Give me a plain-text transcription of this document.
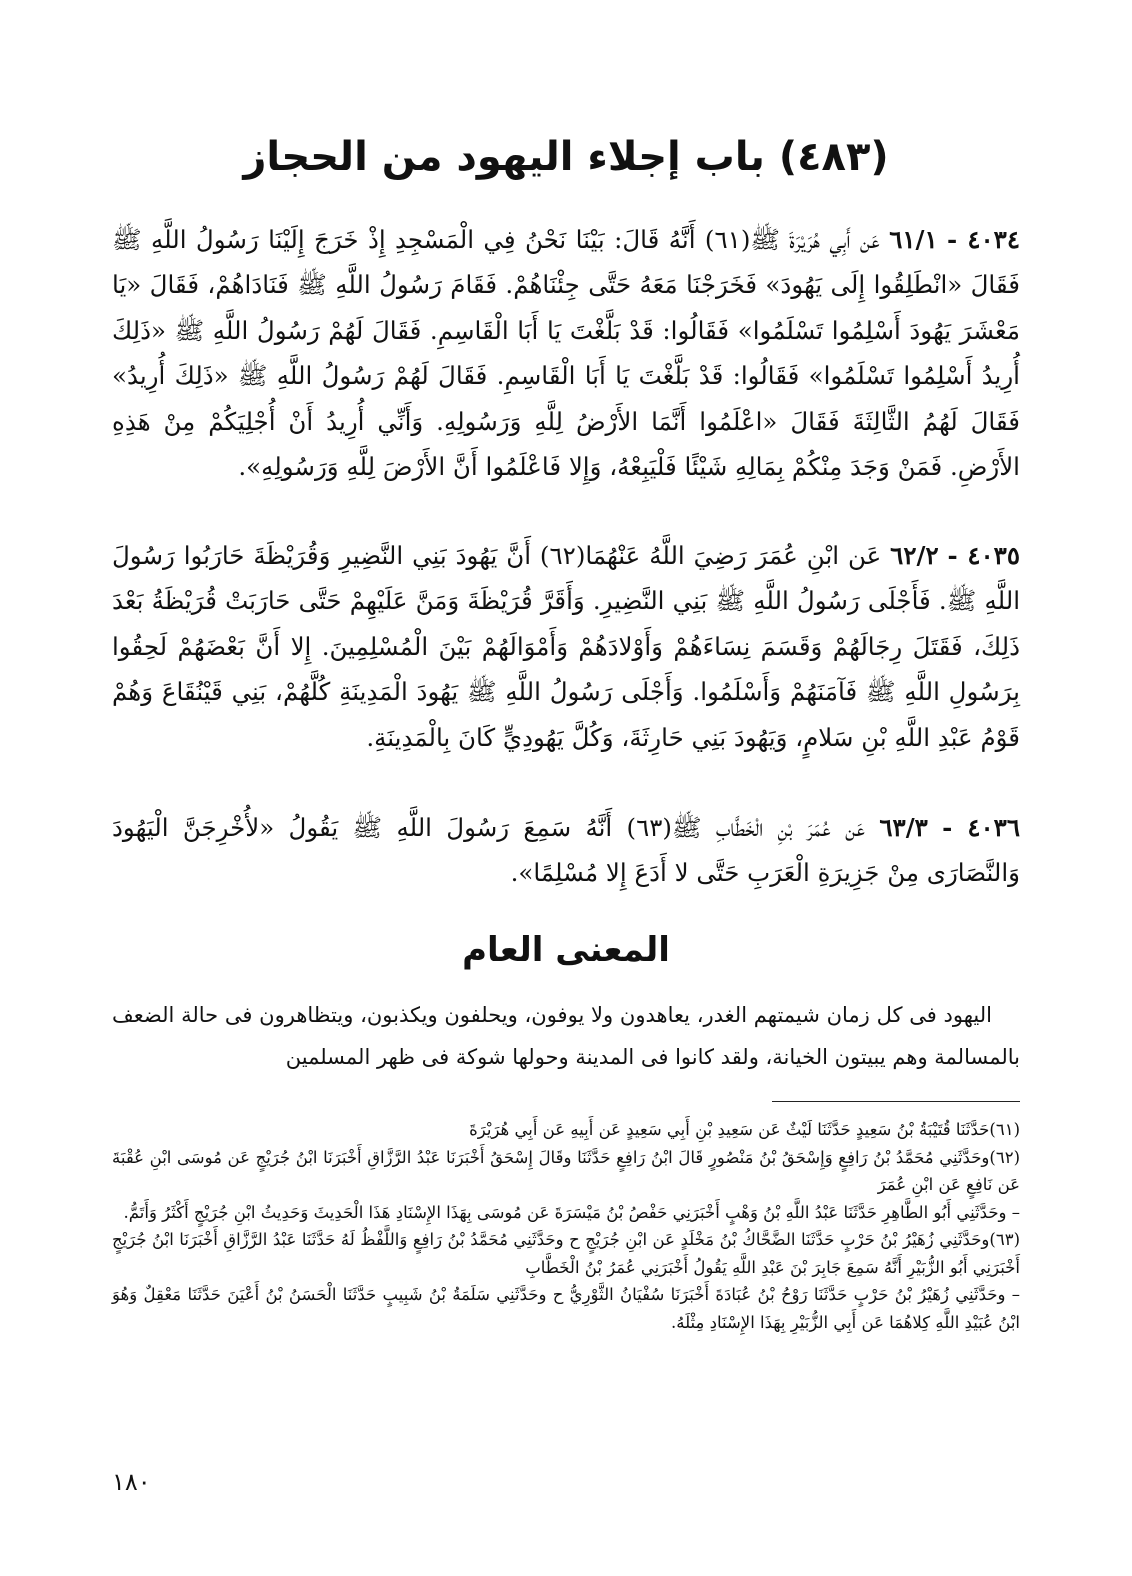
(٤٨٣) باب إجلاء اليهود من الحجاز

٤٠٣٤ - ٦١/١ عَن أَبِي هُرَيْرَةَ ﷺ(٦١) أَنَّهُ قَالَ: بَيْنَا نَحْنُ فِي الْمَسْجِدِ إِذْ خَرَجَ إِلَيْنَا رَسُولُ اللَّهِ ﷺ فَقَالَ «انْطَلِقُوا إِلَى يَهُودَ» فَخَرَجْنَا مَعَهُ حَتَّى جِئْنَاهُمْ. فَقَامَ رَسُولُ اللَّهِ ﷺ فَنَادَاهُمْ، فَقَالَ «يَا مَعْشَرَ يَهُودَ أَسْلِمُوا تَسْلَمُوا» فَقَالُوا: قَدْ بَلَّغْتَ يَا أَبَا الْقَاسِمِ. فَقَالَ لَهُمْ رَسُولُ اللَّهِ ﷺ «ذَلِكَ أُرِيدُ أَسْلِمُوا تَسْلَمُوا» فَقَالُوا: قَدْ بَلَّغْتَ يَا أَبَا الْقَاسِمِ. فَقَالَ لَهُمْ رَسُولُ اللَّهِ ﷺ «ذَلِكَ أُرِيدُ» فَقَالَ لَهُمُ الثَّالِثَةَ فَقَالَ «اعْلَمُوا أَنَّمَا الأَرْضُ لِلَّهِ وَرَسُولِهِ. وَأَنِّي أُرِيدُ أَنْ أُجْلِيَكُمْ مِنْ هَذِهِ الأَرْضِ. فَمَنْ وَجَدَ مِنْكُمْ بِمَالِهِ شَيْئًا فَلْيَبِعْهُ، وَإِلا فَاعْلَمُوا أَنَّ الأَرْضَ لِلَّهِ وَرَسُولِهِ».

٤٠٣٥ - ٦٢/٢ عَن ابْنِ عُمَرَ رَضِيَ اللَّهُ عَنْهُمَا(٦٢) أَنَّ يَهُودَ بَنِي النَّضِيرِ وَقُرَيْظَةَ حَارَبُوا رَسُولَ اللَّهِ ﷺ. فَأَجْلَى رَسُولُ اللَّهِ ﷺ بَنِي النَّضِيرِ. وَأَقَرَّ قُرَيْظَةَ وَمَنَّ عَلَيْهِمْ حَتَّى حَارَبَتْ قُرَيْظَةُ بَعْدَ ذَلِكَ، فَقَتَلَ رِجَالَهُمْ وَقَسَمَ نِسَاءَهُمْ وَأَوْلادَهُمْ وَأَمْوَالَهُمْ بَيْنَ الْمُسْلِمِينَ. إِلا أَنَّ بَعْضَهُمْ لَحِقُوا بِرَسُولِ اللَّهِ ﷺ فَآمَنَهُمْ وَأَسْلَمُوا. وَأَجْلَى رَسُولُ اللَّهِ ﷺ يَهُودَ الْمَدِينَةِ كُلَّهُمْ، بَنِي قَيْنُقَاعَ وَهُمْ قَوْمُ عَبْدِ اللَّهِ بْنِ سَلامٍ، وَيَهُودَ بَنِي حَارِثَةَ، وَكُلَّ يَهُودِيٍّ كَانَ بِالْمَدِينَةِ.

٤٠٣٦ - ٦٣/٣ عَن عُمَرَ بْنِ الْخَطَّابِ ﷺ(٦٣) أَنَّهُ سَمِعَ رَسُولَ اللَّهِ ﷺ يَقُولُ «لأُخْرِجَنَّ الْيَهُودَ وَالنَّصَارَى مِنْ جَزِيرَةِ الْعَرَبِ حَتَّى لا أَدَعَ إِلا مُسْلِمًا».

المعنى العام

اليهود فى كل زمان شيمتهم الغدر، يعاهدون ولا يوفون، ويحلفون ويكذبون، ويتظاهرون فى حالة الضعف بالمسالمة وهم يبيتون الخيانة، ولقد كانوا فى المدينة وحولها شوكة فى ظهر المسلمين

(٦١)حَدَّثَنَا قُتَيْبَةُ بْنُ سَعِيدٍ حَدَّثَنَا لَيْثٌ عَن سَعِيدِ بْنِ أَبِي سَعِيدٍ عَن أَبِيهِ عَن أَبِي هُرَيْرَةَ

(٦٢)وحَدَّثَنِي مُحَمَّدُ بْنُ رَافِعٍ وَإِسْحَقُ بْنُ مَنْصُورٍ قَالَ ابْنُ رَافِعٍ حَدَّثَنَا وقَالَ إِسْحَقُ أَخْبَرَنَا عَبْدُ الرَّزَّاقِ أَخْبَرَنَا ابْنُ جُرَيْجٍ عَن مُوسَى ابْنِ عُقْبَةَ عَن نَافِعٍ عَن ابْنِ عُمَرَ

– وحَدَّثَنِي أَبُو الطَّاهِرِ حَدَّثَنَا عَبْدُ اللَّهِ بْنُ وَهْبٍ أَخْبَرَنِي حَفْصُ بْنُ مَيْسَرَةَ عَن مُوسَى بِهَذَا الإِسْنَادِ هَذَا الْحَدِيثَ وَحَدِيثُ ابْنِ جُرَيْجٍ أَكْثَرُ وَأَتَمُّ.

(٦٣)وحَدَّثَنِي زُهَيْرُ بْنُ حَرْبٍ حَدَّثَنَا الضَّحَّاكُ بْنُ مَخْلَدٍ عَن ابْنِ جُرَيْجٍ ح وحَدَّثَنِي مُحَمَّدُ بْنُ رَافِعٍ وَاللَّفْظُ لَهُ حَدَّثَنَا عَبْدُ الرَّزَّاقِ أَخْبَرَنَا ابْنُ جُرَيْجٍ أَخْبَرَنِي أَبُو الزُّبَيْرِ أَنَّهُ سَمِعَ جَابِرَ بْنَ عَبْدِ اللَّهِ يَقُولُ أَخْبَرَنِي عُمَرُ بْنُ الْخَطَّابِ

– وحَدَّثَنِي زُهَيْرُ بْنُ حَرْبٍ حَدَّثَنَا رَوْحُ بْنُ عُبَادَةَ أَخْبَرَنَا سُفْيَانُ الثَّوْرِيُّ ح وحَدَّثَنِي سَلَمَةُ بْنُ شَبِيبٍ حَدَّثَنَا الْحَسَنُ بْنُ أَعْيَنَ حَدَّثَنَا مَعْقِلٌ وَهُوَ ابْنُ عُبَيْدِ اللَّهِ كِلاهُمَا عَن أَبِي الزُّبَيْرِ بِهَذَا الإِسْنَادِ مِثْلَهُ.

١٨٠
